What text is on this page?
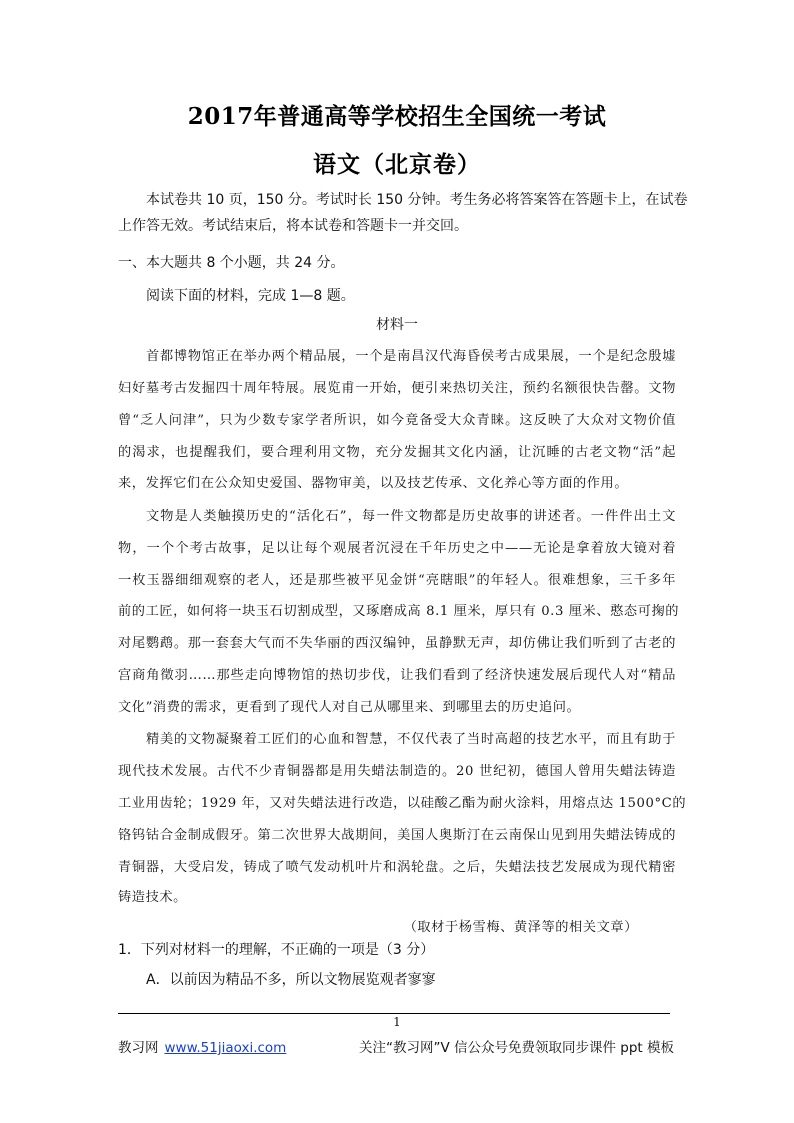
2017年普通高等学校招生全国统一考试
语文（北京卷）
本试卷共 10 页，150 分。考试时长 150 分钟。考生务必将答案答在答题卡上，在试卷
上作答无效。考试结束后，将本试卷和答题卡一并交回。
一、本大题共 8 个小题，共 24 分。
阅读下面的材料，完成 1—8 题。
材料一
首都博物馆正在举办两个精品展，一个是南昌汉代海昏侯考古成果展，一个是纪念殷墟
妇好墓考古发掘四十周年特展。展览甫一开始，便引来热切关注，预约名额很快告罄。文物
曾“乏人问津”，只为少数专家学者所识，如今竟备受大众青睐。这反映了大众对文物价值
的渴求，也提醒我们，要合理利用文物，充分发掘其文化内涵，让沉睡的古老文物“活”起
来，发挥它们在公众知史爱国、器物审美，以及技艺传承、文化养心等方面的作用。
文物是人类触摸历史的“活化石”，每一件文物都是历史故事的讲述者。一件件出土文
物，一个个考古故事，足以让每个观展者沉浸在千年历史之中——无论是拿着放大镜对着
一枚玉器细细观察的老人，还是那些被平见金饼“亮瞎眼”的年轻人。很难想象，三千多年
前的工匠，如何将一块玉石切割成型，又琢磨成高 8.1 厘米，厚只有 0.3 厘米、憨态可掬的
对尾鹦鹉。那一套套大气而不失华丽的西汉编钟，虽静默无声，却仿佛让我们听到了古老的
宫商角徵羽……那些走向博物馆的热切步伐，让我们看到了经济快速发展后现代人对“精品
文化”消费的需求，更看到了现代人对自己从哪里来、到哪里去的历史追问。
精美的文物凝聚着工匠们的心血和智慧，不仅代表了当时高超的技艺水平，而且有助于
现代技术发展。古代不少青铜器都是用失蜡法制造的。20 世纪初，德国人曾用失蜡法铸造
工业用齿轮；1929 年，又对失蜡法进行改造，以硅酸乙酯为耐火涂料，用熔点达 1500°C的
铬钨钴合金制成假牙。第二次世界大战期间，美国人奥斯汀在云南保山见到用失蜡法铸成的
青铜器，大受启发，铸成了喷气发动机叶片和涡轮盘。之后，失蜡法技艺发展成为现代精密
铸造技术。
（取材于杨雪梅、黄泽等的相关文章）
1．下列对材料一的理解，不正确的一项是（3 分）
A．以前因为精品不多，所以文物展览观者寥寥
1
教习网 www.51jiaoxi.com	关注“教习网”V 信公众号免费领取同步课件 ppt 模板
